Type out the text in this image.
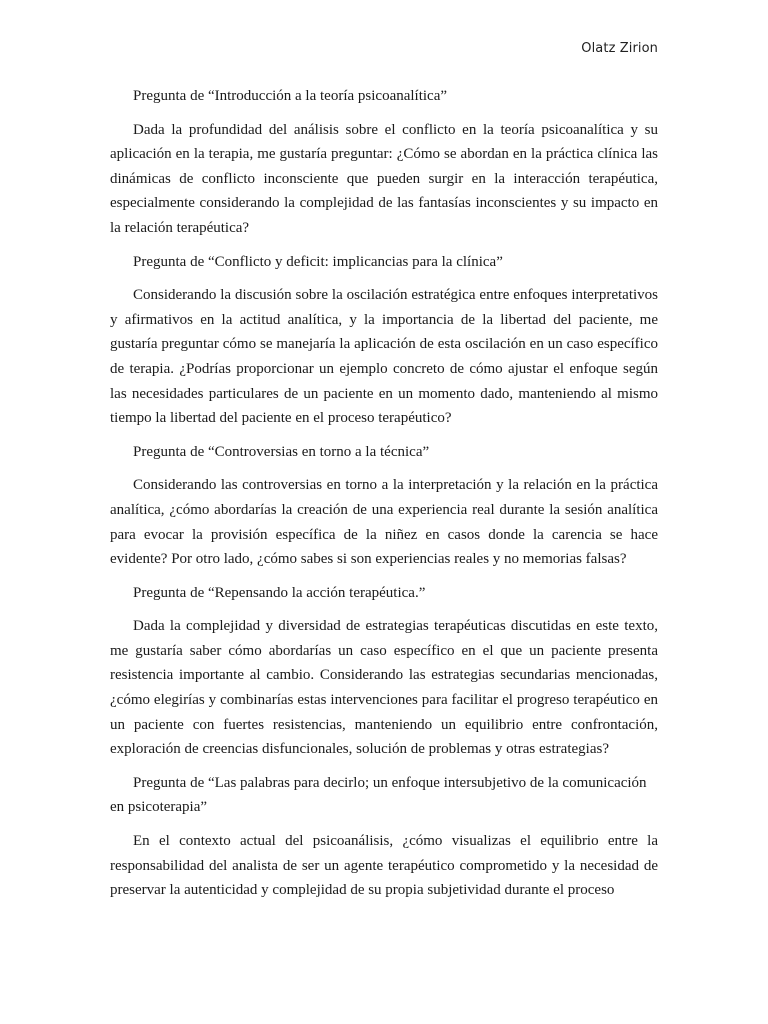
Olatz Zirion

Pregunta de “Introducción a la teoría psicoanalítica”

Dada la profundidad del análisis sobre el conflicto en la teoría psicoanalítica y su aplicación en la terapia, me gustaría preguntar: ¿Cómo se abordan en la práctica clínica las dinámicas de conflicto inconsciente que pueden surgir en la interacción terapéutica, especialmente considerando la complejidad de las fantasías inconscientes y su impacto en la relación terapéutica?

Pregunta de “Conflicto y deficit: implicancias para la clínica”

Considerando la discusión sobre la oscilación estratégica entre enfoques interpretativos y afirmativos en la actitud analítica, y la importancia de la libertad del paciente, me gustaría preguntar cómo se manejaría la aplicación de esta oscilación en un caso específico de terapia. ¿Podrías proporcionar un ejemplo concreto de cómo ajustar el enfoque según las necesidades particulares de un paciente en un momento dado, manteniendo al mismo tiempo la libertad del paciente en el proceso terapéutico?

Pregunta de “Controversias en torno a la técnica”

Considerando las controversias en torno a la interpretación y la relación en la práctica analítica, ¿cómo abordarías la creación de una experiencia real durante la sesión analítica para evocar la provisión específica de la niñez en casos donde la carencia se hace evidente? Por otro lado, ¿cómo sabes si son experiencias reales y no memorias falsas?

Pregunta de “Repensando la acción terapéutica.”

Dada la complejidad y diversidad de estrategias terapéuticas discutidas en este texto, me gustaría saber cómo abordarías un caso específico en el que un paciente presenta resistencia importante al cambio. Considerando las estrategias secundarias mencionadas, ¿cómo elegirías y combinarías estas intervenciones para facilitar el progreso terapéutico en un paciente con fuertes resistencias, manteniendo un equilibrio entre confrontación, exploración de creencias disfuncionales, solución de problemas y otras estrategias?

Pregunta de “Las palabras para decirlo; un enfoque intersubjetivo de la comunicación en psicoterapia”

En el contexto actual del psicoanálisis, ¿cómo visualizas el equilibrio entre la responsabilidad del analista de ser un agente terapéutico comprometido y la necesidad de preservar la autenticidad y complejidad de su propia subjetividad durante el proceso
